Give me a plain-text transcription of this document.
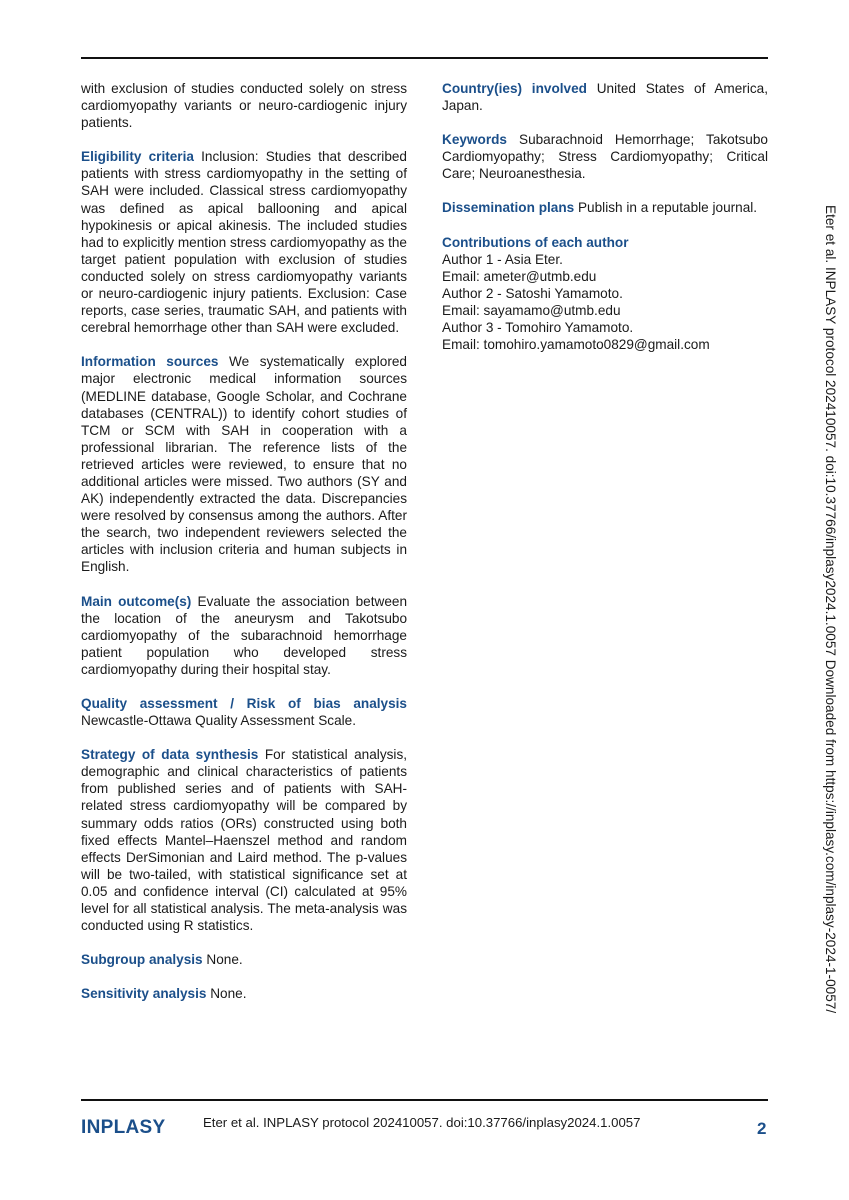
with exclusion of studies conducted solely on stress cardiomyopathy variants or neuro-cardiogenic injury patients.

Eligibility criteria Inclusion: Studies that described patients with stress cardiomyopathy in the setting of SAH were included. Classical stress cardiomyopathy was defined as apical ballooning and apical hypokinesis or apical akinesis. The included studies had to explicitly mention stress cardiomyopathy as the target patient population with exclusion of studies conducted solely on stress cardiomyopathy variants or neuro-cardiogenic injury patients. Exclusion: Case reports, case series, traumatic SAH, and patients with cerebral hemorrhage other than SAH were excluded.

Information sources We systematically explored major electronic medical information sources (MEDLINE database, Google Scholar, and Cochrane databases (CENTRAL)) to identify cohort studies of TCM or SCM with SAH in cooperation with a professional librarian. The reference lists of the retrieved articles were reviewed, to ensure that no additional articles were missed. Two authors (SY and AK) independently extracted the data. Discrepancies were resolved by consensus among the authors. After the search, two independent reviewers selected the articles with inclusion criteria and human subjects in English.

Main outcome(s) Evaluate the association between the location of the aneurysm and Takotsubo cardiomyopathy of the subarachnoid hemorrhage patient population who developed stress cardiomyopathy during their hospital stay.

Quality assessment / Risk of bias analysis Newcastle-Ottawa Quality Assessment Scale.

Strategy of data synthesis For statistical analysis, demographic and clinical characteristics of patients from published series and of patients with SAH-related stress cardiomyopathy will be compared by summary odds ratios (ORs) constructed using both fixed effects Mantel–Haenszel method and random effects DerSimonian and Laird method. The p-values will be two-tailed, with statistical significance set at 0.05 and confidence interval (CI) calculated at 95% level for all statistical analysis. The meta-analysis was conducted using R statistics.

Subgroup analysis None.

Sensitivity analysis None.

Country(ies) involved United States of America, Japan.

Keywords Subarachnoid Hemorrhage; Takotsubo Cardiomyopathy; Stress Cardiomyopathy; Critical Care; Neuroanesthesia.

Dissemination plans Publish in a reputable journal.

Contributions of each author
Author 1 - Asia Eter.
Email: ameter@utmb.edu
Author 2 - Satoshi Yamamoto.
Email: sayamamo@utmb.edu
Author 3 - Tomohiro Yamamoto.
Email: tomohiro.yamamoto0829@gmail.com	Eter et al. INPLASY protocol 202410057. doi:10.37766/inplasy2024.1.0057 Downloaded from https://inplasy.com/inplasy-2024-1-0057/
INPLASY	Eter et al. INPLASY protocol 202410057. doi:10.37766/inplasy2024.1.0057	2
